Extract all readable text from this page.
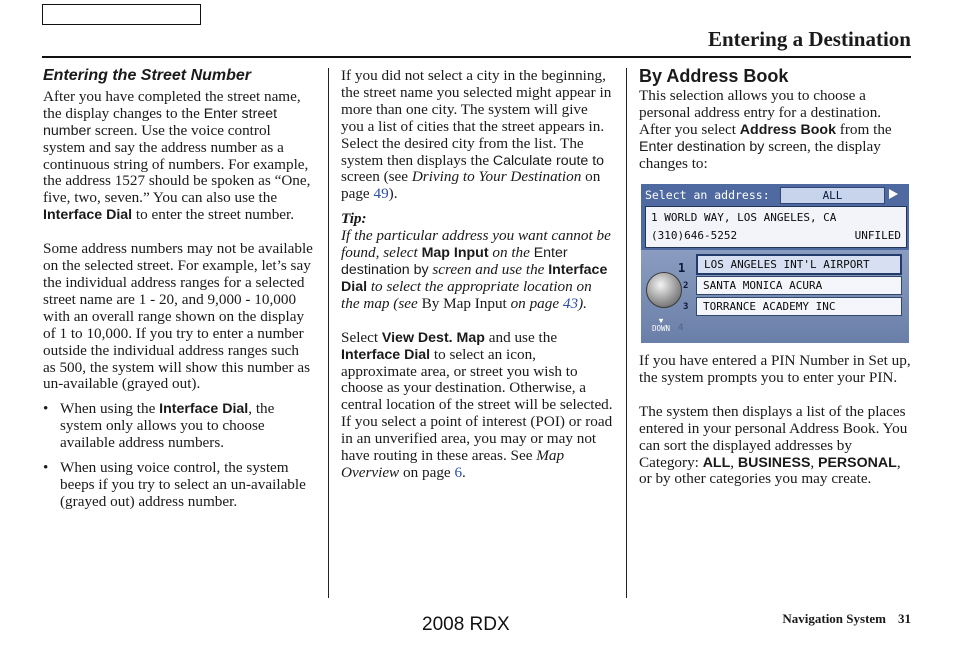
Entering a Destination
Entering the Street Number

After you have completed the street name, the display changes to the Enter street number screen. Use the voice control system and say the address number as a continuous string of numbers. For example, the address 1527 should be spoken as “One, five, two, seven.” You can also use the Interface Dial to enter the street number.

Some address numbers may not be available on the selected street. For example, let’s say the individual address ranges for a selected street name are 1 - 20, and 9,000 - 10,000 with an overall range shown on the display of 1 to 10,000. If you try to enter a number outside the individual address ranges such as 500, the system will show this number as un-available (grayed out).

• When using the Interface Dial, the system only allows you to choose available address numbers.
• When using voice control, the system beeps if you try to select an un-available (grayed out) address number.

If you did not select a city in the beginning, the street name you selected might appear in more than one city. The system will give you a list of cities that the street appears in. Select the desired city from the list. The system then displays the Calculate route to screen (see Driving to Your Destination on page 49).

Tip:

If the particular address you want cannot be found, select Map Input on the Enter destination by screen and use the Interface Dial to select the appropriate location on the map (see By Map Input on page 43).

Select View Dest. Map and use the Interface Dial to select an icon, approximate area, or street you wish to choose as your destination. Otherwise, a central location of the street will be selected. If you select a point of interest (POI) or road in an unverified area, you may or may not have routing in these areas. See Map Overview on page 6.

By Address Book

This selection allows you to choose a personal address entry for a destination. After you select Address Book from the Enter destination by screen, the display changes to:

Select an address:	ALL
1 WORLD WAY, LOS ANGELES, CA
(310)646-5252	UNFILED
1
2
3
4
▼
DOWN
LOS ANGELES INT'L AIRPORT
SANTA MONICA ACURA
TORRANCE ACADEMY INC

If you have entered a PIN Number in Set up, the system prompts you to enter your PIN.

The system then displays a list of the places entered in your personal Address Book. You can sort the displayed addresses by Category: ALL, BUSINESS, PERSONAL, or by other categories you may create.

2008 RDX	Navigation System 31
